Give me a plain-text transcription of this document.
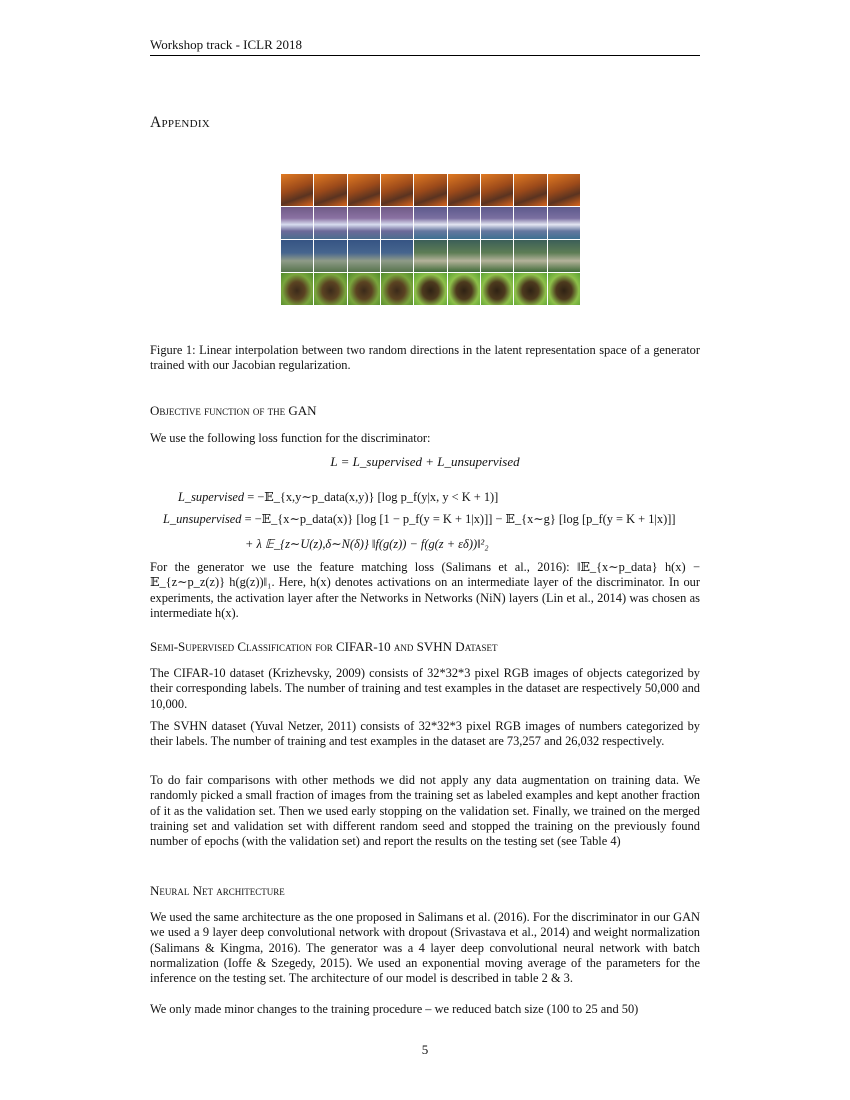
Workshop track - ICLR 2018
Appendix

Figure 1: Linear interpolation between two random directions in the latent representation space of a generator trained with our Jacobian regularization.

Objective function of the GAN

We use the following loss function for the discriminator:

L = L_supervised + L_unsupervised
L_supervised = −𝔼_{x,y∼p_data(x,y)} [log p_f(y|x, y < K + 1)]
L_unsupervised = −𝔼_{x∼p_data(x)} [log [1 − p_f(y = K + 1|x)]] − 𝔼_{x∼g} [log [p_f(y = K + 1|x)]]
+ λ 𝔼_{z∼U(z),δ∼N(δ)} ‖f(g(z)) − f(g(z + εδ))‖²₂

For the generator we use the feature matching loss (Salimans et al., 2016): ‖𝔼_{x∼p_data} h(x) − 𝔼_{z∼p_z(z)} h(g(z))‖₁. Here, h(x) denotes activations on an intermediate layer of the discriminator. In our experiments, the activation layer after the Networks in Networks (NiN) layers (Lin et al., 2014) was chosen as intermediate h(x).

Semi-Supervised Classification for CIFAR-10 and SVHN Dataset

The CIFAR-10 dataset (Krizhevsky, 2009) consists of 32*32*3 pixel RGB images of objects categorized by their corresponding labels. The number of training and test examples in the dataset are respectively 50,000 and 10,000.

The SVHN dataset (Yuval Netzer, 2011) consists of 32*32*3 pixel RGB images of numbers categorized by their labels. The number of training and test examples in the dataset are 73,257 and 26,032 respectively.

To do fair comparisons with other methods we did not apply any data augmentation on training data. We randomly picked a small fraction of images from the training set as labeled examples and kept another fraction of it as the validation set. Then we used early stopping on the validation set. Finally, we trained on the merged training set and validation set with different random seed and stopped the training on the previously found number of epochs (with the validation set) and report the results on the testing set (see Table 4)

Neural Net architecture

We used the same architecture as the one proposed in Salimans et al. (2016). For the discriminator in our GAN we used a 9 layer deep convolutional network with dropout (Srivastava et al., 2014) and weight normalization (Salimans & Kingma, 2016). The generator was a 4 layer deep convolutional neural network with batch normalization (Ioffe & Szegedy, 2015). We used an exponential moving average of the parameters for the inference on the testing set. The architecture of our model is described in table 2 & 3.

We only made minor changes to the training procedure – we reduced batch size (100 to 25 and 50)

5
